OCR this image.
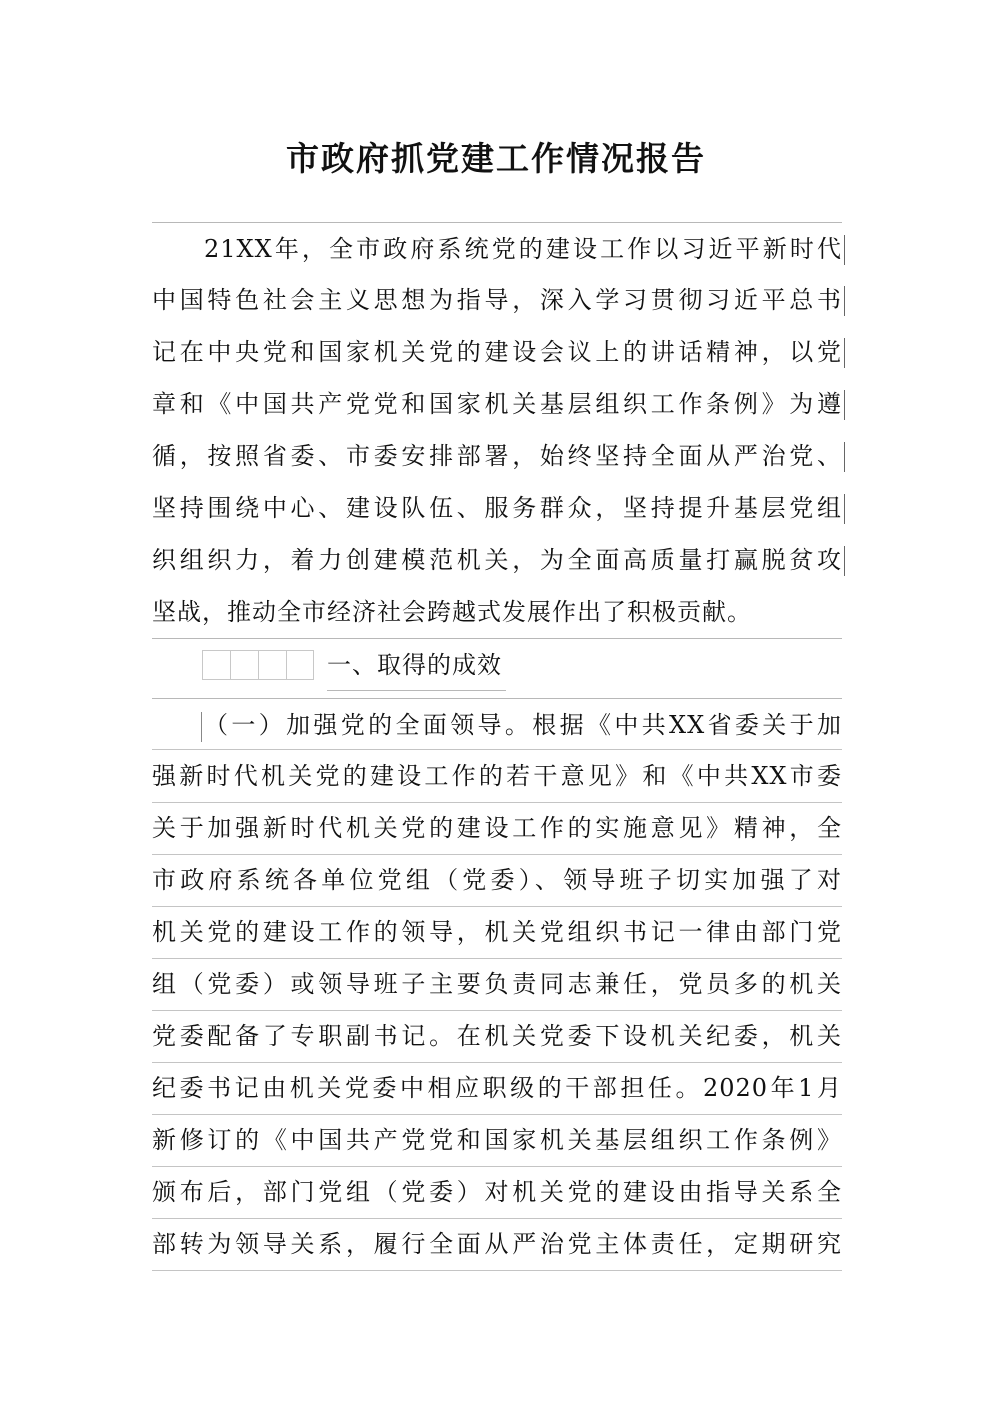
市政府抓党建工作情况报告
21XX年，全市政府系统党的建设工作以习近平新时代
中国特色社会主义思想为指导，深入学习贯彻习近平总书
记在中央党和国家机关党的建设会议上的讲话精神，以党
章和《中国共产党党和国家机关基层组织工作条例》为遵
循，按照省委、市委安排部署，始终坚持全面从严治党、
坚持围绕中心、建设队伍、服务群众，坚持提升基层党组
织组织力，着力创建模范机关，为全面高质量打赢脱贫攻
坚战，推动全市经济社会跨越式发展作出了积极贡献。
一、取得的成效
（一）加强党的全面领导。根据《中共XX省委关于加
强新时代机关党的建设工作的若干意见》和《中共XX市委
关于加强新时代机关党的建设工作的实施意见》精神，全
市政府系统各单位党组（党委）、领导班子切实加强了对
机关党的建设工作的领导，机关党组织书记一律由部门党
组（党委）或领导班子主要负责同志兼任，党员多的机关
党委配备了专职副书记。在机关党委下设机关纪委，机关
纪委书记由机关党委中相应职级的干部担任。2020年1月
新修订的《中国共产党党和国家机关基层组织工作条例》
颁布后，部门党组（党委）对机关党的建设由指导关系全
部转为领导关系，履行全面从严治党主体责任，定期研究
